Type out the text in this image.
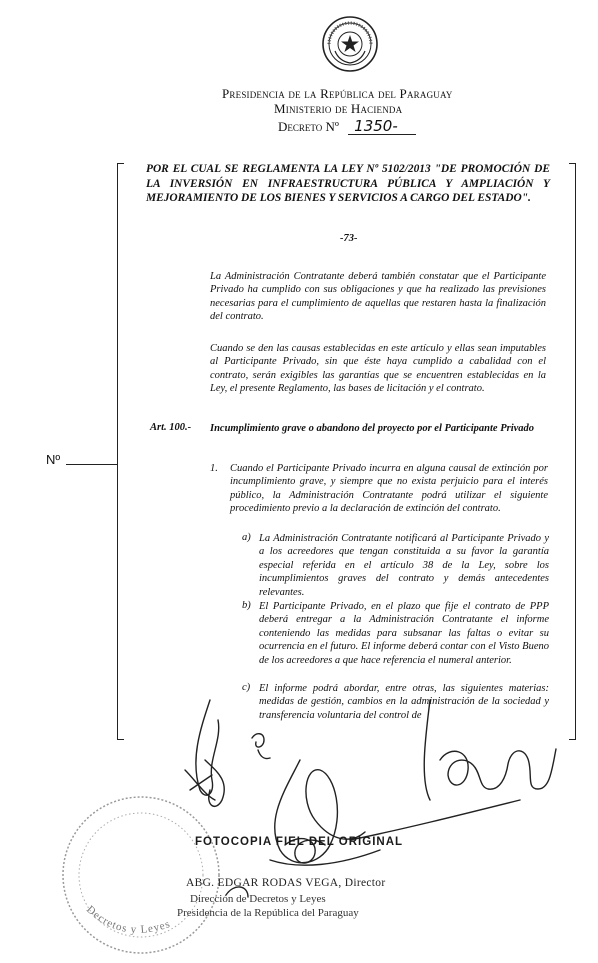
Presidencia de la República del Paraguay
Ministerio de Hacienda
Decreto Nº 1350-
Nº
POR EL CUAL SE REGLAMENTA LA LEY Nº 5102/2013 "DE PROMOCIÓN DE LA INVERSIÓN EN INFRAESTRUCTURA PÚBLICA Y AMPLIACIÓN Y MEJORAMIENTO DE LOS BIENES Y SERVICIOS A CARGO DEL ESTADO".
-73-
La Administración Contratante deberá también constatar que el Participante Privado ha cumplido con sus obligaciones y que ha realizado las previsiones necesarias para el cumplimiento de aquellas que restaren hasta la finalización del contrato.
Cuando se den las causas establecidas en este artículo y ellas sean imputables al Participante Privado, sin que éste haya cumplido a cabalidad con el contrato, serán exigibles las garantías que se encuentren establecidas en la Ley, el presente Reglamento, las bases de licitación y el contrato.
Art. 100.- Incumplimiento grave o abandono del proyecto por el Participante Privado
1. Cuando el Participante Privado incurra en alguna causal de extinción por incumplimiento grave, y siempre que no exista perjuicio para el interés público, la Administración Contratante podrá utilizar el siguiente procedimiento previo a la declaración de extinción del contrato.
a) La Administración Contratante notificará al Participante Privado y a los acreedores que tengan constituida a su favor la garantía especial referida en el artículo 38 de la Ley, sobre los incumplimientos graves del contrato y demás antecedentes relevantes.
b) El Participante Privado, en el plazo que fije el contrato de PPP deberá entregar a la Administración Contratante el informe conteniendo las medidas para subsanar las faltas o evitar su ocurrencia en el futuro. El informe deberá contar con el Visto Bueno de los acreedores a que hace referencia el numeral anterior.
c) El informe podrá abordar, entre otras, las siguientes materias: medidas de gestión, cambios en la administración de la sociedad y transferencia voluntaria del control de
Decretos y Leyes
FOTOCOPIA FIEL DEL ORIGINAL
ABG. EDGAR RODAS VEGA, Director
Dirección de Decretos y Leyes
Presidencia de la República del Paraguay
